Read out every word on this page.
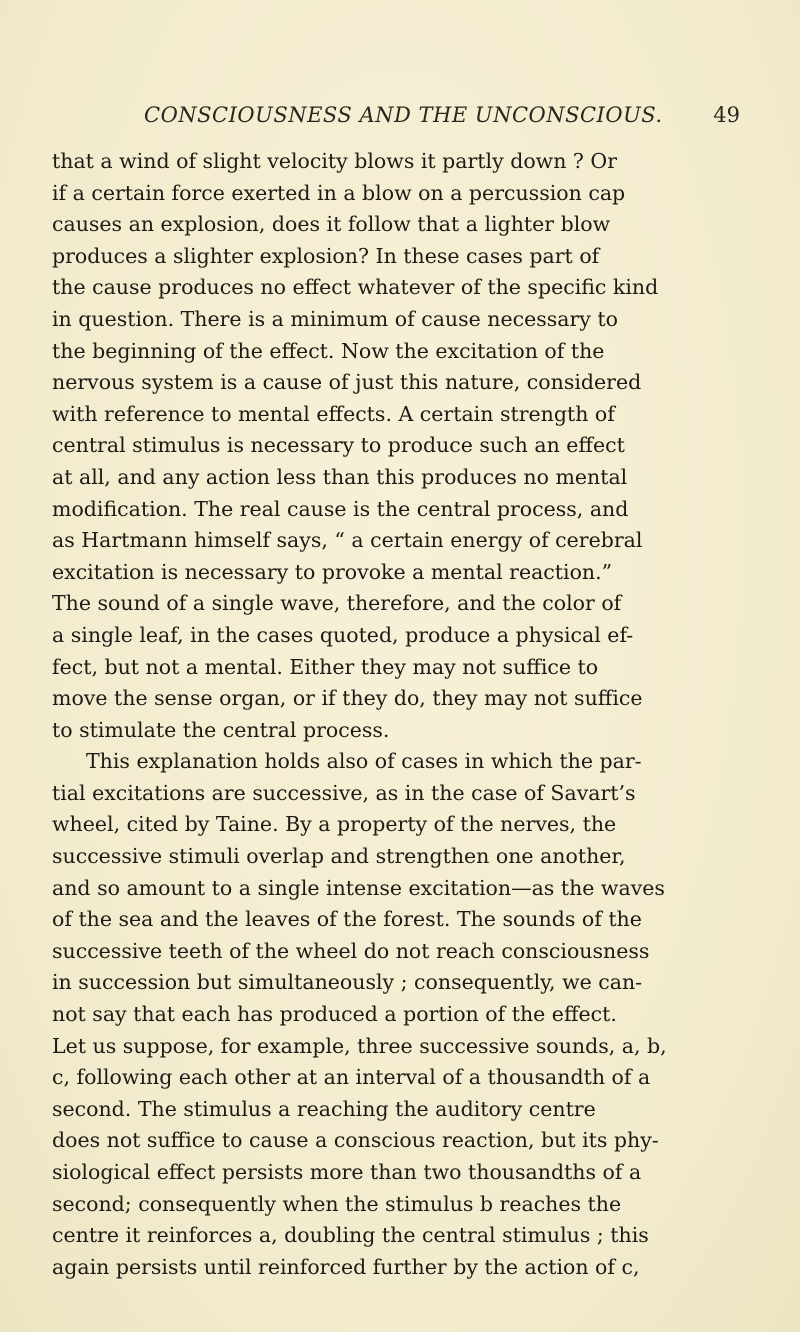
CONSCIOUSNESS AND THE UNCONSCIOUS. 49

that a wind of slight velocity blows it partly down ? Or
if a certain force exerted in a blow on a percussion cap
causes an explosion, does it follow that a lighter blow
produces a slighter explosion? In these cases part of
the cause produces no effect whatever of the specific kind
in question. There is a minimum of cause necessary to
the beginning of the effect. Now the excitation of the
nervous system is a cause of just this nature, considered
with reference to mental effects. A certain strength of
central stimulus is necessary to produce such an effect
at all, and any action less than this produces no mental
modification. The real cause is the central process, and
as Hartmann himself says, “ a certain energy of cerebral
excitation is necessary to provoke a mental reaction.”
The sound of a single wave, therefore, and the color of
a single leaf, in the cases quoted, produce a physical ef-
fect, but not a mental. Either they may not suffice to
move the sense organ, or if they do, they may not suffice
to stimulate the central process.

This explanation holds also of cases in which the par-
tial excitations are successive, as in the case of Savart’s
wheel, cited by Taine. By a property of the nerves, the
successive stimuli overlap and strengthen one another,
and so amount to a single intense excitation—as the waves
of the sea and the leaves of the forest. The sounds of the
successive teeth of the wheel do not reach consciousness
in succession but simultaneously ; consequently, we can-
not say that each has produced a portion of the effect.
Let us suppose, for example, three successive sounds, a, b,
c, following each other at an interval of a thousandth of a
second. The stimulus a reaching the auditory centre
does not suffice to cause a conscious reaction, but its phy-
siological effect persists more than two thousandths of a
second; consequently when the stimulus b reaches the
centre it reinforces a, doubling the central stimulus ; this
again persists until reinforced further by the action of c,
